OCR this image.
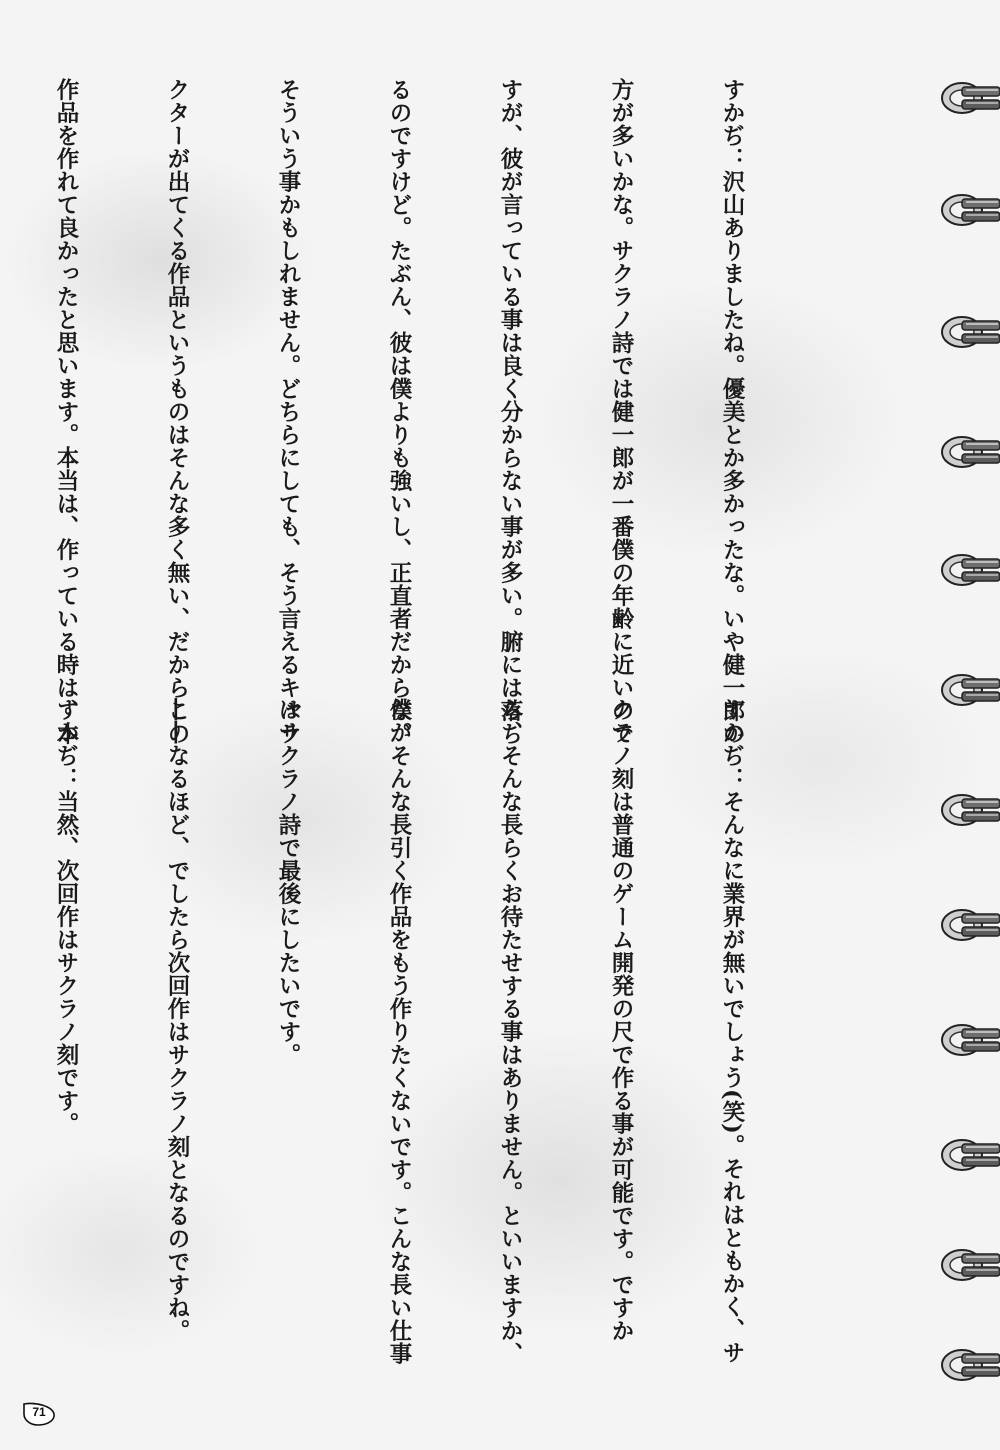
すかぢ：沢山ありましたね。優美とか多かったな。いや健一郎の

方が多いかな。サクラノ詩では健一郎が一番僕の年齢に近いので

すが、彼が言っている事は良く分からない事が多い。腑には落ち

るのですけど。たぶん、彼は僕よりも強いし、正直者だからな。

そういう事かもしれません。どちらにしても、そう言えるキャラ

クターが出てくる作品というものはそんな多く無い、だからこの

作品を作れて良かったと思います。本当は、作っている時は、本

すかぢ：そんなに業界が無いでしょう(笑)。それはともかく、サ

クラノ刻は普通のゲーム開発の尺で作る事が可能です。ですか

ら、そんな長らくお待たせする事はありません。といいますか、

僕がそんな長引く作品をもう作りたくないです。こんな長い仕事

はサクラノ詩で最後にしたいです。

――なるほど、でしたら次回作はサクラノ刻となるのですね。

すかぢ：当然、次回作はサクラノ刻です。

71
